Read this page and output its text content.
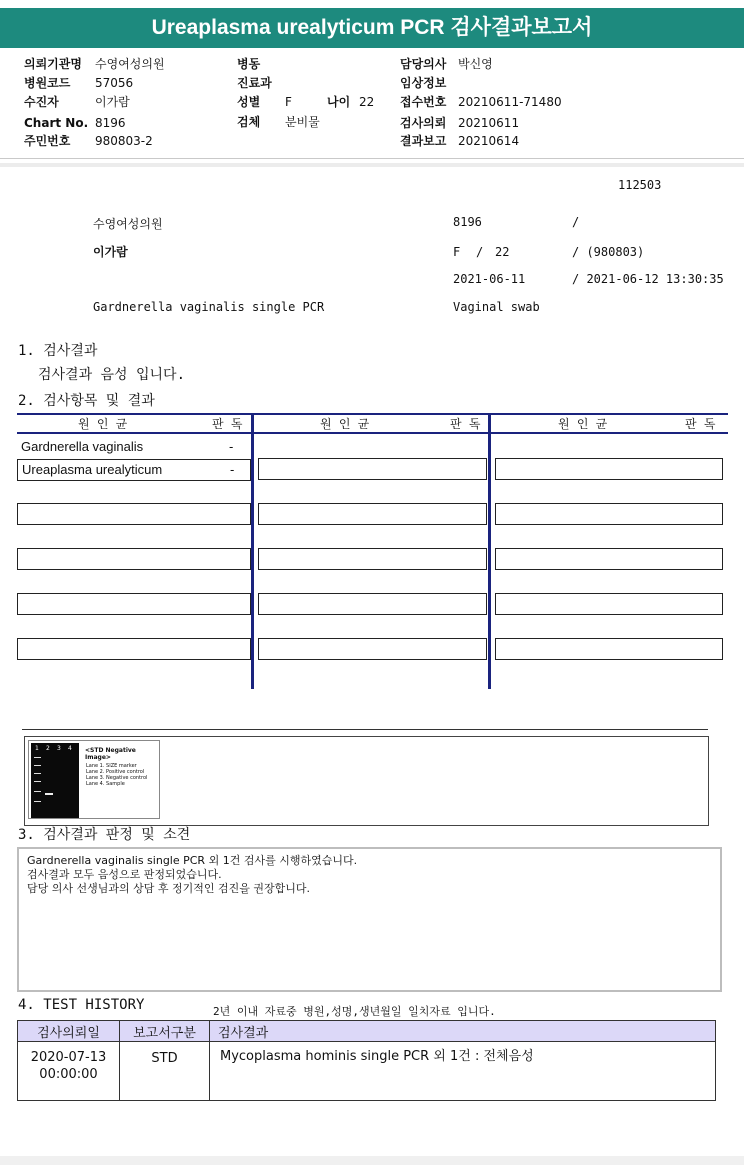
Ureaplasma urealyticum PCR 검사결과보고서
의뢰기관명 수영여성의원
병원코드 57056
수진자	이가람
Chart No. 8196
주민번호 980803-2
병동
진료과
성별 F	나이 22
검체 분비물
담당의사 박신영
임상정보
접수번호 20210611-71480
검사의뢰 20210611
결과보고 20210614
112503
수영여성의원	8196	/
이가람	F / 22	/ (980803)
2021-06-11	/ 2021-06-12 13:30:35
Gardnerella vaginalis single PCR	Vaginal swab
1. 검사결과
검사결과 음성 입니다.
2. 검사항목 및 결과
원 인 균	판 독	원 인 균	판 독	원 인 균	판 독
Gardnerella vaginalis	-
Ureaplasma urealyticum	-
1 2 3 4 <STD Negative Image>
Lane 1. SIZE marker
Lane 2. Positive control
Lane 3. Negative control
Lane 4. Sample
3. 검사결과 판정 및 소견
Gardnerella vaginalis single PCR 외 1건 검사를 시행하였습니다.
검사결과 모두 음성으로 판정되었습니다.
담당 의사 선생님과의 상담 후 정기적인 검진을 권장합니다.
4. TEST HISTORY	2년 이내 자료중 병원,성명,생년월일 일치자료 입니다.
검사의뢰일	보고서구분	검사결과

2020-07-13
00:00:00	STD	Mycoplasma hominis single PCR 외 1건 : 전체음성
